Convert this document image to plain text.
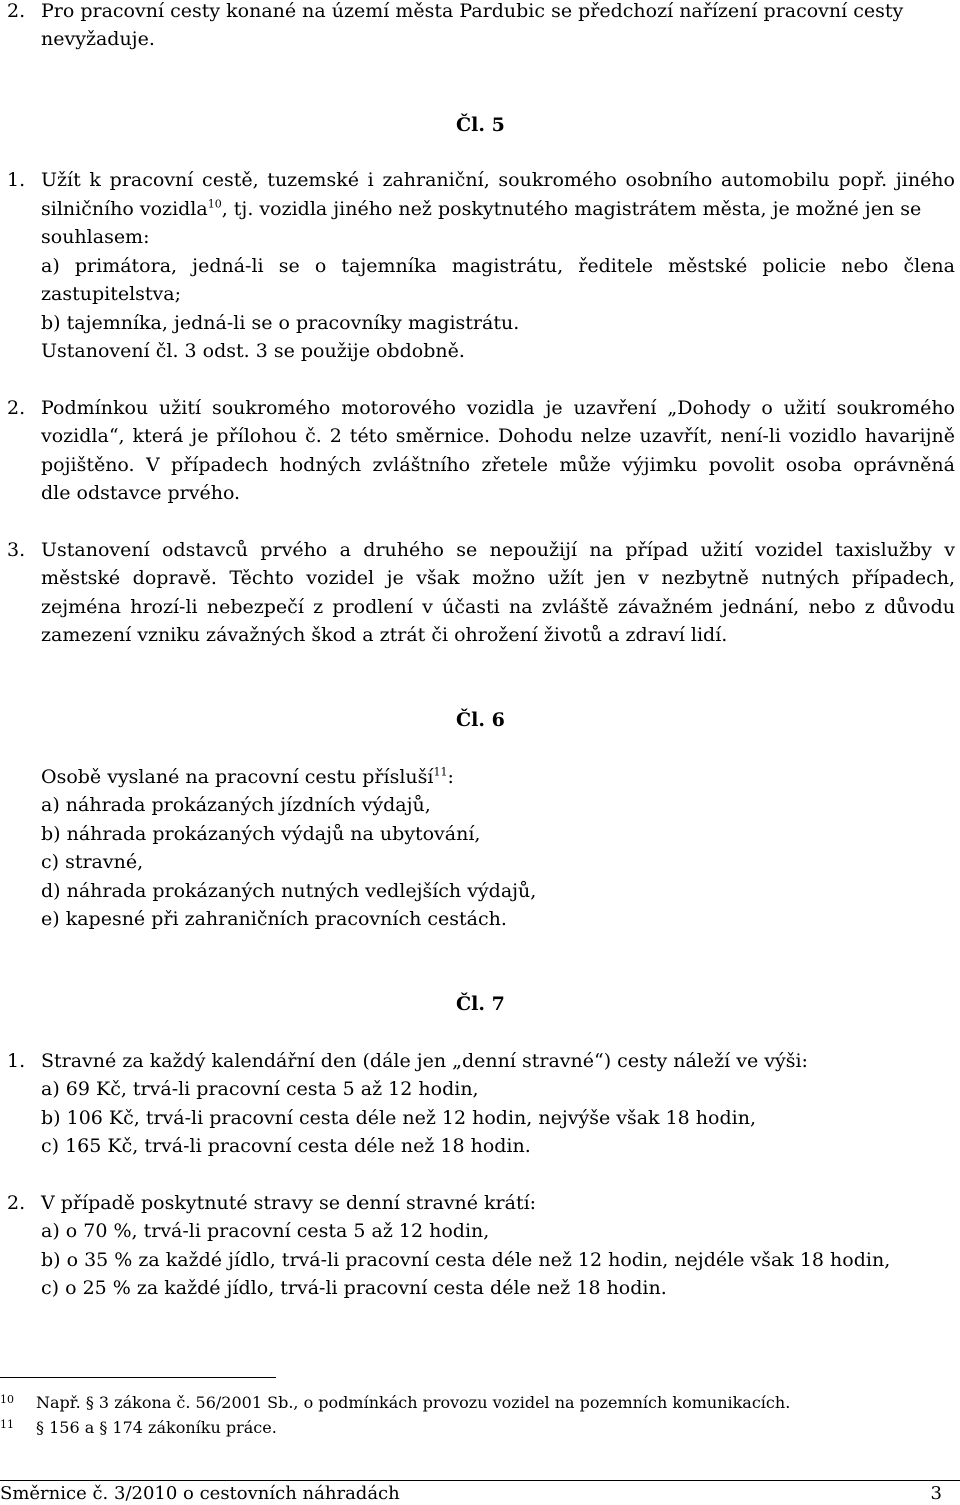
2. Pro pracovní cesty konané na území města Pardubic se předchozí nařízení pracovní cesty
nevyžaduje.
Čl. 5
1. Užít k pracovní cestě, tuzemské i zahraniční, soukromého osobního automobilu popř. jiného
silničního vozidla$^{10}$, tj. vozidla jiného než poskytnutého magistrátem města, je možné jen se
souhlasem:
a) primátora, jedná-li se o tajemníka magistrátu, ředitele městské policie nebo člena
zastupitelstva;
b) tajemníka, jedná-li se o pracovníky magistrátu.
Ustanovení čl. 3 odst. 3 se použije obdobně.
2. Podmínkou užití soukromého motorového vozidla je uzavření „Dohody o užití soukromého
vozidla“, která je přílohou č. 2 této směrnice. Dohodu nelze uzavřít, není-li vozidlo havarijně
pojištěno. V případech hodných zvláštního zřetele může výjimku povolit osoba oprávněná
dle odstavce prvého.
3. Ustanovení odstavců prvého a druhého se nepoužijí na případ užití vozidel taxislužby v
městské dopravě. Těchto vozidel je však možno užít jen v nezbytně nutných případech,
zejména hrozí-li nebezpečí z prodlení v účasti na zvláště závažném jednání, nebo z důvodu
zamezení vzniku závažných škod a ztrát či ohrožení životů a zdraví lidí.
Čl. 6
Osobě vyslané na pracovní cestu přísluší$^{11}$:
a) náhrada prokázaných jízdních výdajů,
b) náhrada prokázaných výdajů na ubytování,
c) stravné,
d) náhrada prokázaných nutných vedlejších výdajů,
e) kapesné při zahraničních pracovních cestách.
Čl. 7
1. Stravné za každý kalendářní den (dále jen „denní stravné“) cesty náleží ve výši:
a) 69 Kč, trvá-li pracovní cesta 5 až 12 hodin,
b) 106 Kč, trvá-li pracovní cesta déle než 12 hodin, nejvýše však 18 hodin,
c) 165 Kč, trvá-li pracovní cesta déle než 18 hodin.
2. V případě poskytnuté stravy se denní stravné krátí:
a) o 70 %, trvá-li pracovní cesta 5 až 12 hodin,
b) o 35 % za každé jídlo, trvá-li pracovní cesta déle než 12 hodin, nejdéle však 18 hodin,
c) o 25 % za každé jídlo, trvá-li pracovní cesta déle než 18 hodin.
10 Např. § 3 zákona č. 56/2001 Sb., o podmínkách provozu vozidel na pozemních komunikacích.
11 § 156 a § 174 zákoníku práce.
Směrnice č. 3/2010 o cestovních náhradách	3
